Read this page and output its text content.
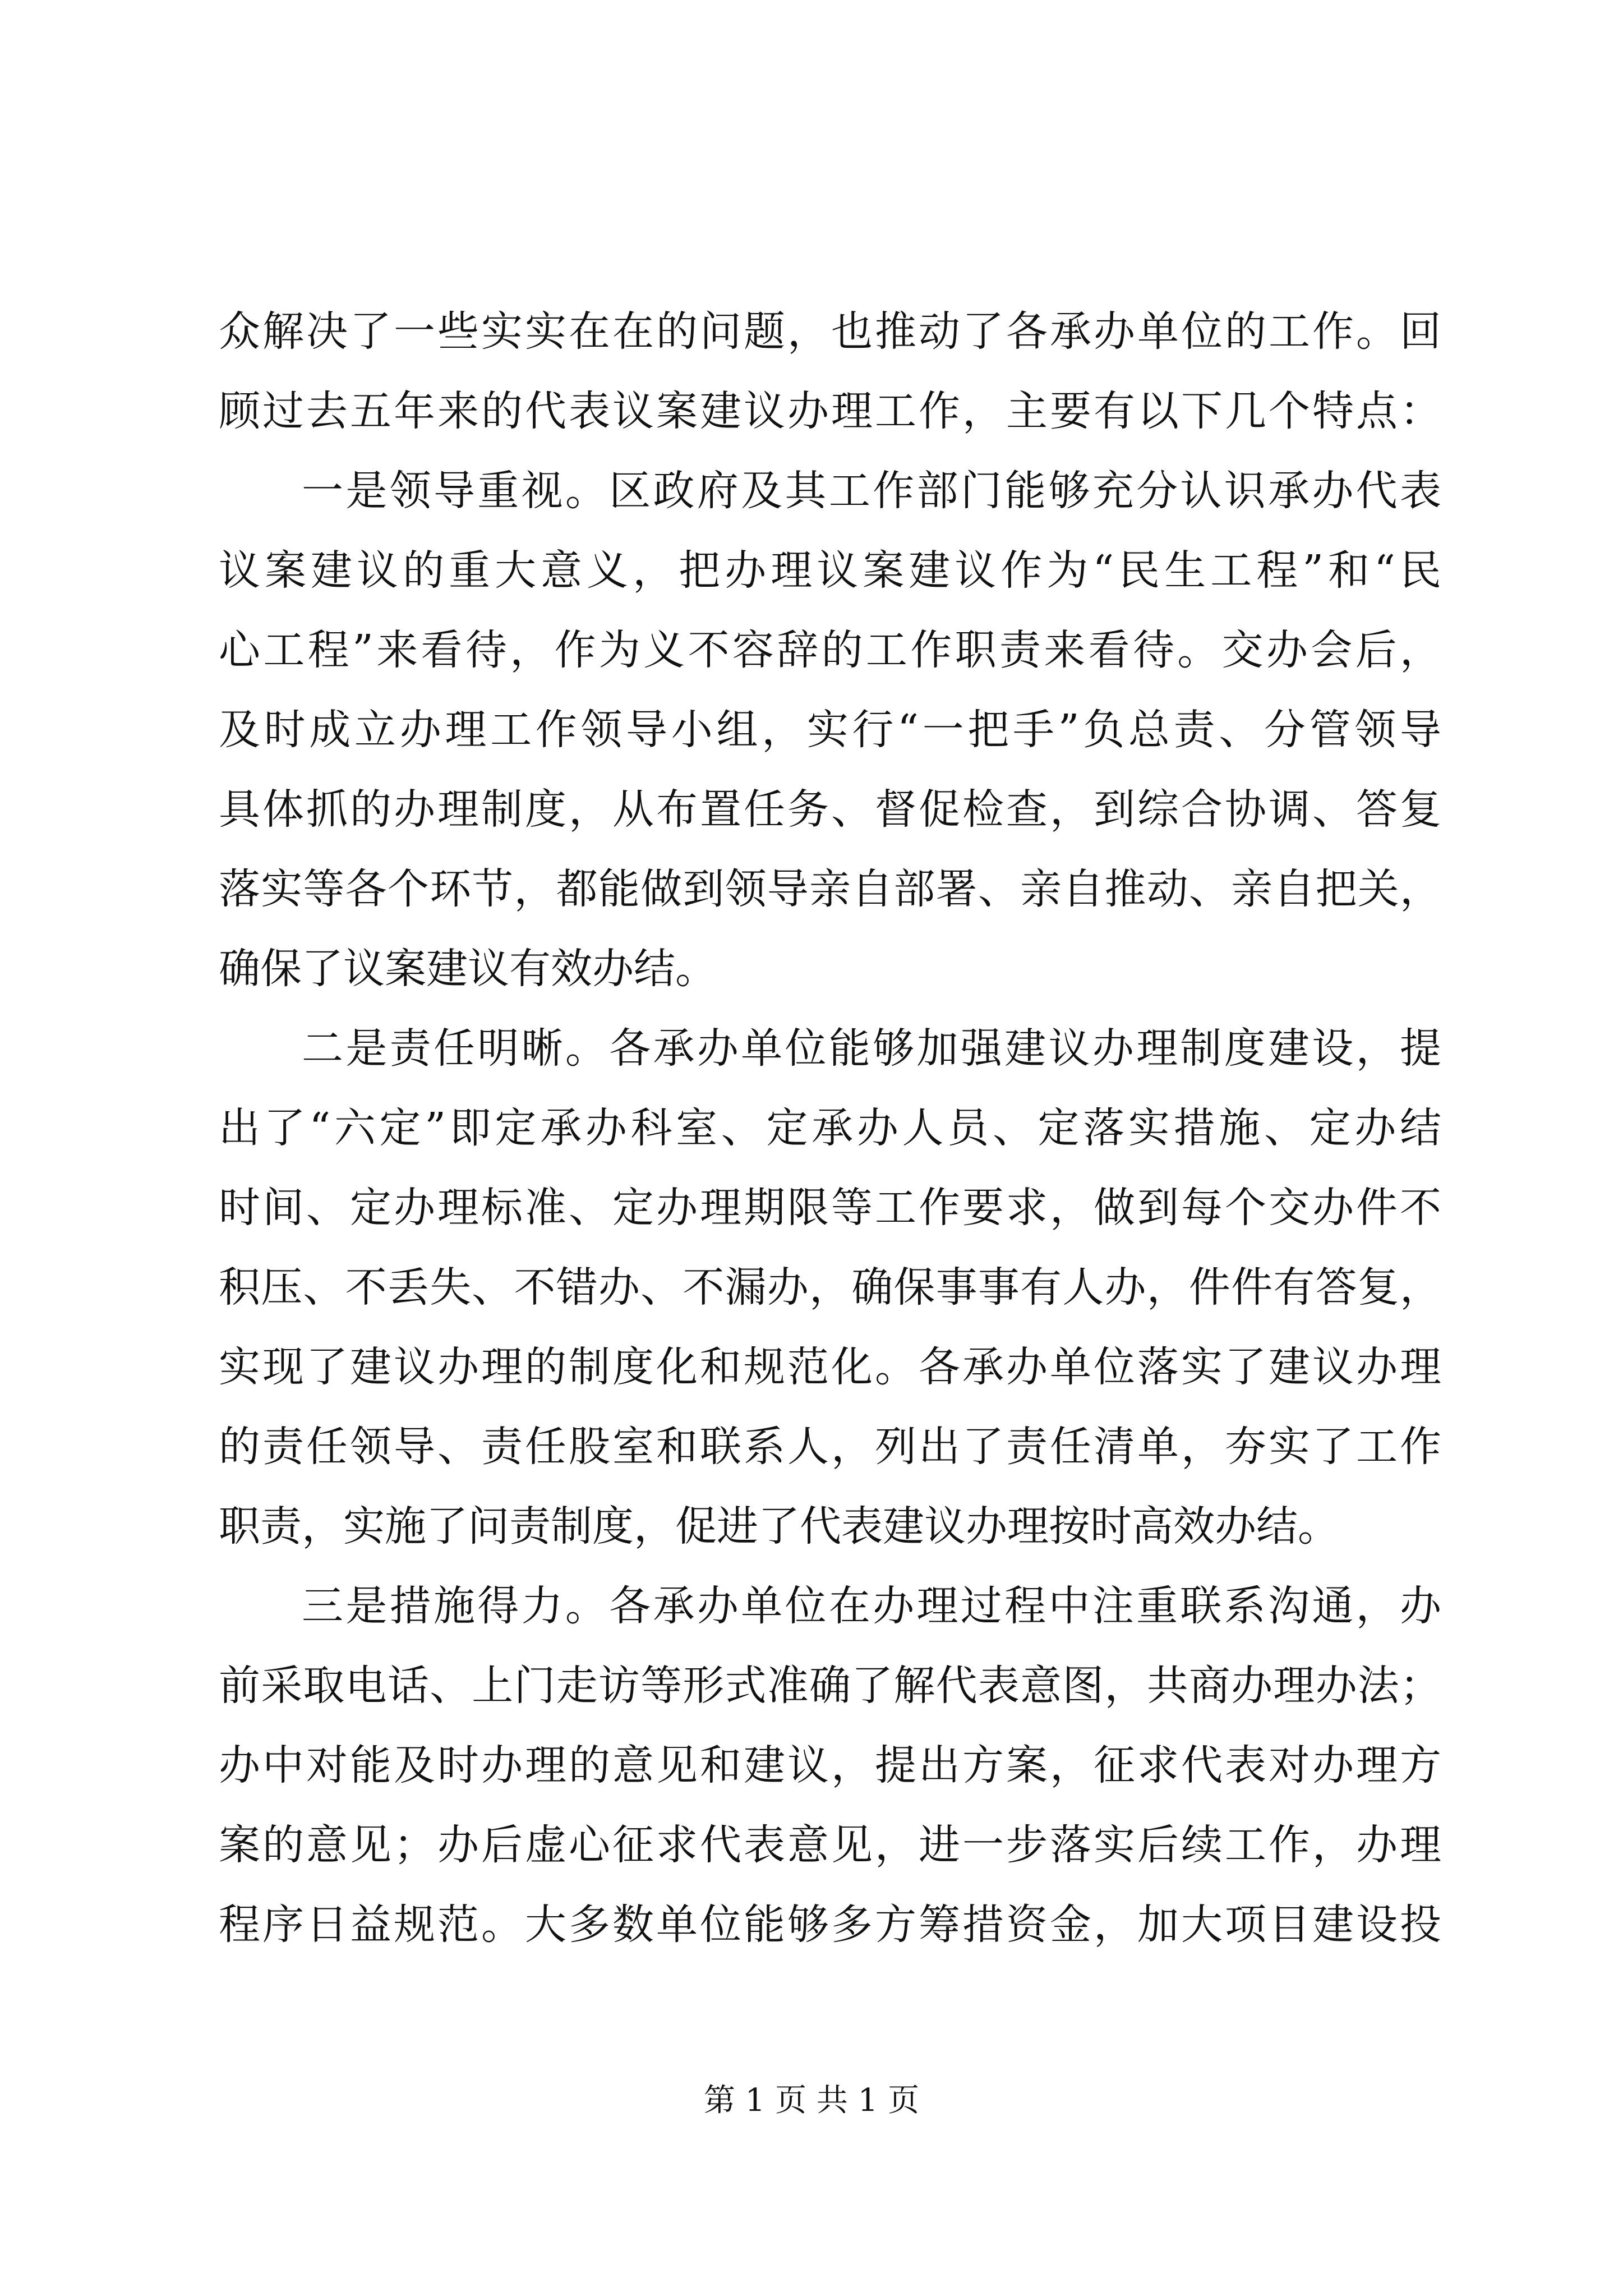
众解决了一些实实在在的问题，也推动了各承办单位的工作。回
顾过去五年来的代表议案建议办理工作，主要有以下几个特点：
一是领导重视。区政府及其工作部门能够充分认识承办代表
议案建议的重大意义，把办理议案建议作为“民生工程”和“民
心工程”来看待，作为义不容辞的工作职责来看待。交办会后，
及时成立办理工作领导小组，实行“一把手”负总责、分管领导
具体抓的办理制度，从布置任务、督促检查，到综合协调、答复
落实等各个环节，都能做到领导亲自部署、亲自推动、亲自把关，
确保了议案建议有效办结。
二是责任明晰。各承办单位能够加强建议办理制度建设，提
出了“六定”即定承办科室、定承办人员、定落实措施、定办结
时间、定办理标准、定办理期限等工作要求，做到每个交办件不
积压、不丢失、不错办、不漏办，确保事事有人办，件件有答复，
实现了建议办理的制度化和规范化。各承办单位落实了建议办理
的责任领导、责任股室和联系人，列出了责任清单，夯实了工作
职责，实施了问责制度，促进了代表建议办理按时高效办结。
三是措施得力。各承办单位在办理过程中注重联系沟通，办
前采取电话、上门走访等形式准确了解代表意图，共商办理办法；
办中对能及时办理的意见和建议，提出方案，征求代表对办理方
案的意见；办后虚心征求代表意见，进一步落实后续工作，办理
程序日益规范。大多数单位能够多方筹措资金，加大项目建设投
第 1 页 共 1 页
